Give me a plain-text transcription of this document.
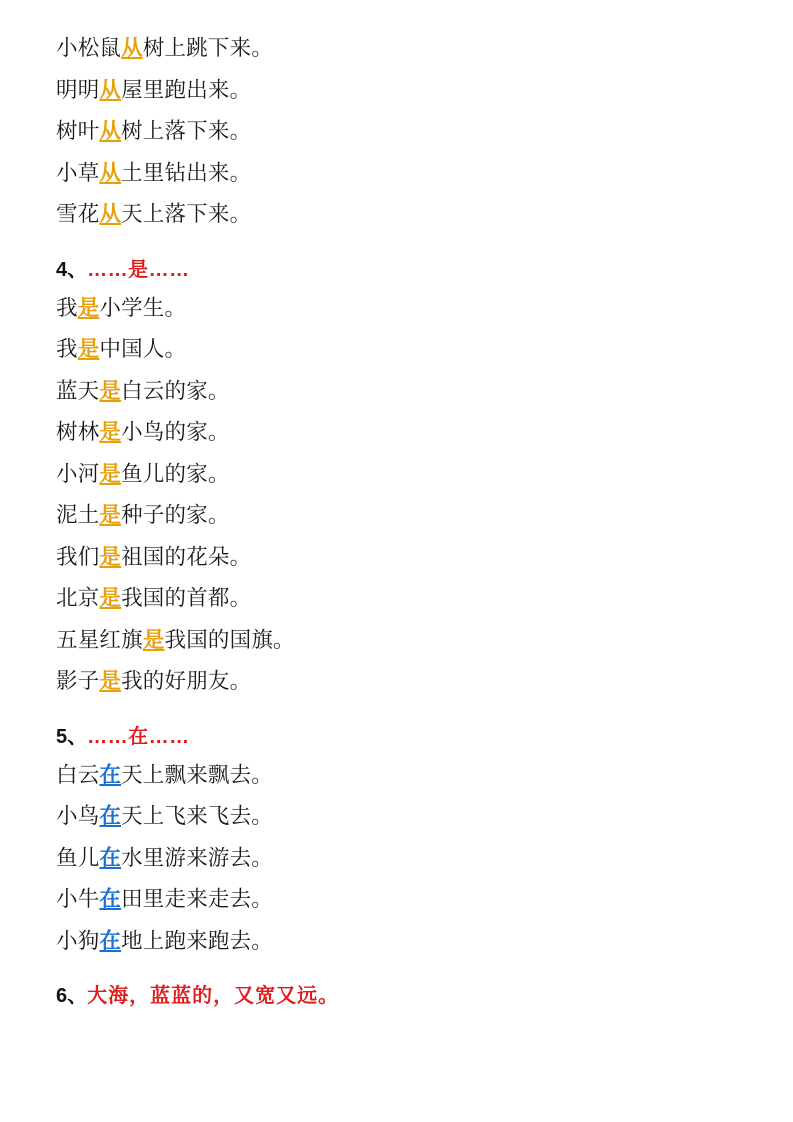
小松鼠从树上跳下来。

明明从屋里跑出来。

树叶从树上落下来。

小草从土里钻出来。

雪花从天上落下来。

4、……是……

我是小学生。

我是中国人。

蓝天是白云的家。

树林是小鸟的家。

小河是鱼儿的家。

泥土是种子的家。

我们是祖国的花朵。

北京是我国的首都。

五星红旗是我国的国旗。

影子是我的好朋友。

5、……在……

白云在天上飘来飘去。

小鸟在天上飞来飞去。

鱼儿在水里游来游去。

小牛在田里走来走去。

小狗在地上跑来跑去。

6、大海，蓝蓝的，又宽又远。
